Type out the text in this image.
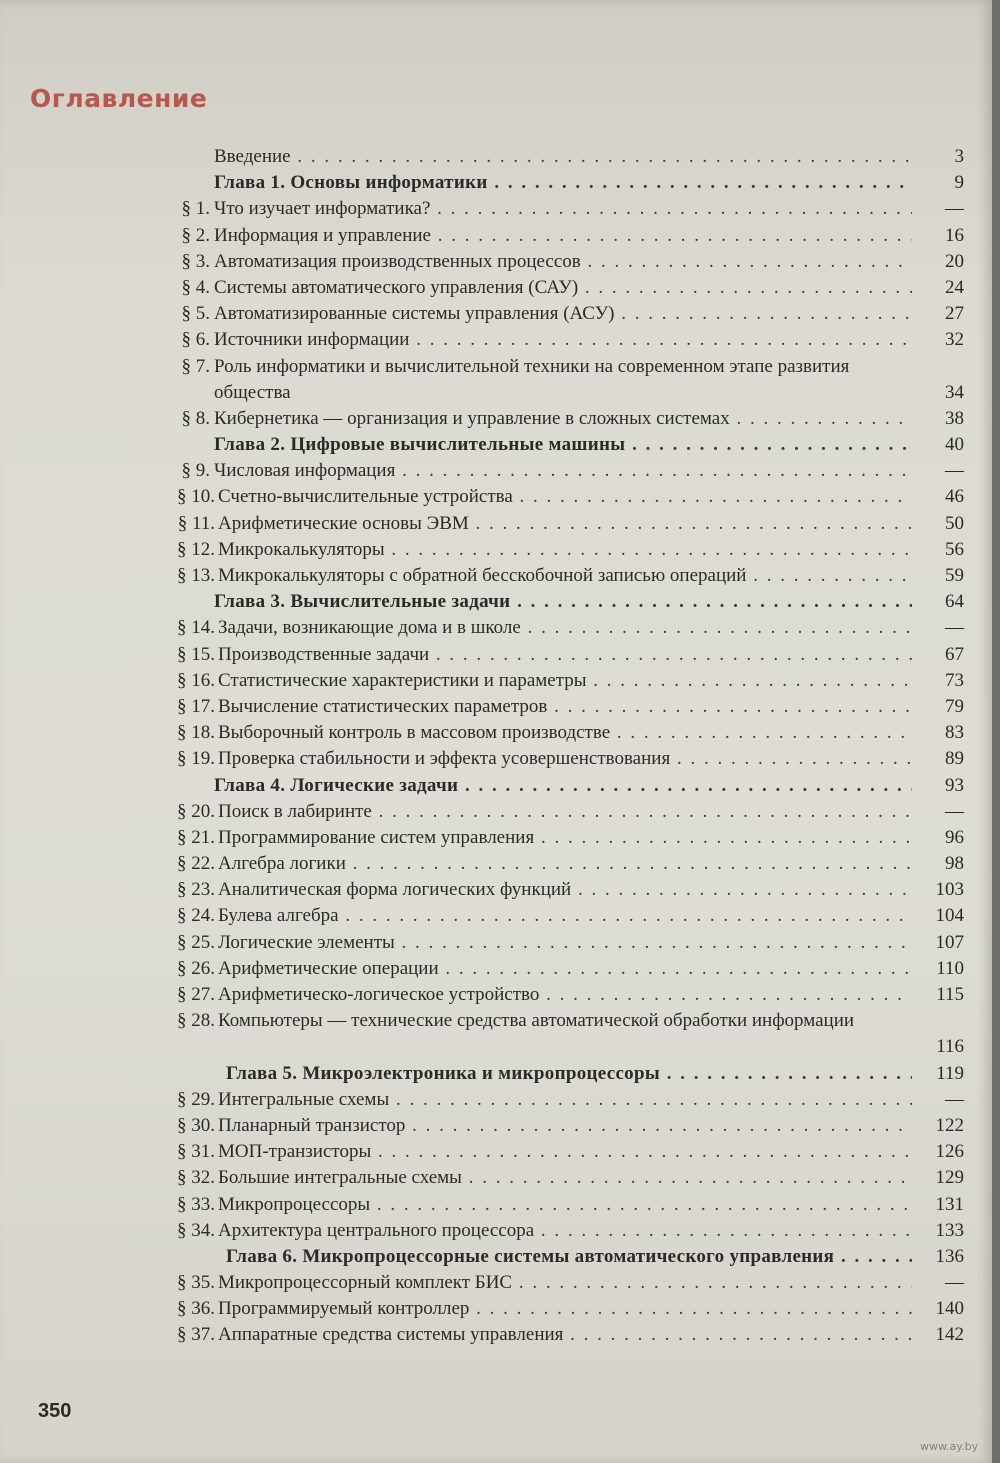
Оглавление
Введение . . .	3
Глава 1. Основы информатики . . .	9
§ 1. Что изучает информатика? . . .	—
§ 2. Информация и управление . . .	16
§ 3. Автоматизация производственных процессов . . .	20
§ 4. Системы автоматического управления (САУ) . . .	24
§ 5. Автоматизированные системы управления (АСУ) . . .	27
§ 6. Источники информации . . .	32
§ 7. Роль информатики и вычислительной техники на современном этапе развития общества	34
§ 8. Кибернетика — организация и управление в сложных системах . . .	38
Глава 2. Цифровые вычислительные машины . . .	40
§ 9. Числовая информация . . .	—
§ 10. Счетно-вычислительные устройства . . .	46
§ 11. Арифметические основы ЭВМ . . .	50
§ 12. Микрокалькуляторы . . .	56
§ 13. Микрокалькуляторы с обратной бесскобочной записью операций . . .	59
Глава 3. Вычислительные задачи . . .	64
§ 14. Задачи, возникающие дома и в школе . . .	—
§ 15. Производственные задачи . . .	67
§ 16. Статистические характеристики и параметры . . .	73
§ 17. Вычисление статистических параметров . . .	79
§ 18. Выборочный контроль в массовом производстве . . .	83
§ 19. Проверка стабильности и эффекта усовершенствования . . .	89
Глава 4. Логические задачи . . .	93
§ 20. Поиск в лабиринте . . .	—
§ 21. Программирование систем управления . . .	96
§ 22. Алгебра логики . . .	98
§ 23. Аналитическая форма логических функций . . .	103
§ 24. Булева алгебра . . .	104
§ 25. Логические элементы . . .	107
§ 26. Арифметические операции . . .	110
§ 27. Арифметическо-логическое устройство . . .	115
§ 28. Компьютеры — технические средства автоматической обработки информации
116
Глава 5. Микроэлектроника и микропроцессоры . . .	119
§ 29. Интегральные схемы . . .	—
§ 30. Планарный транзистор . . .	122
§ 31. МОП-транзисторы . . .	126
§ 32. Большие интегральные схемы . . .	129
§ 33. Микропроцессоры . . .	131
§ 34. Архитектура центрального процессора . . .	133
Глава 6. Микропроцессорные системы автоматического управления . . .	136
§ 35. Микропроцессорный комплект БИС . . .	—
§ 36. Программируемый контроллер . . .	140
§ 37. Аппаратные средства системы управления . . .	142
350
www.ay.by
